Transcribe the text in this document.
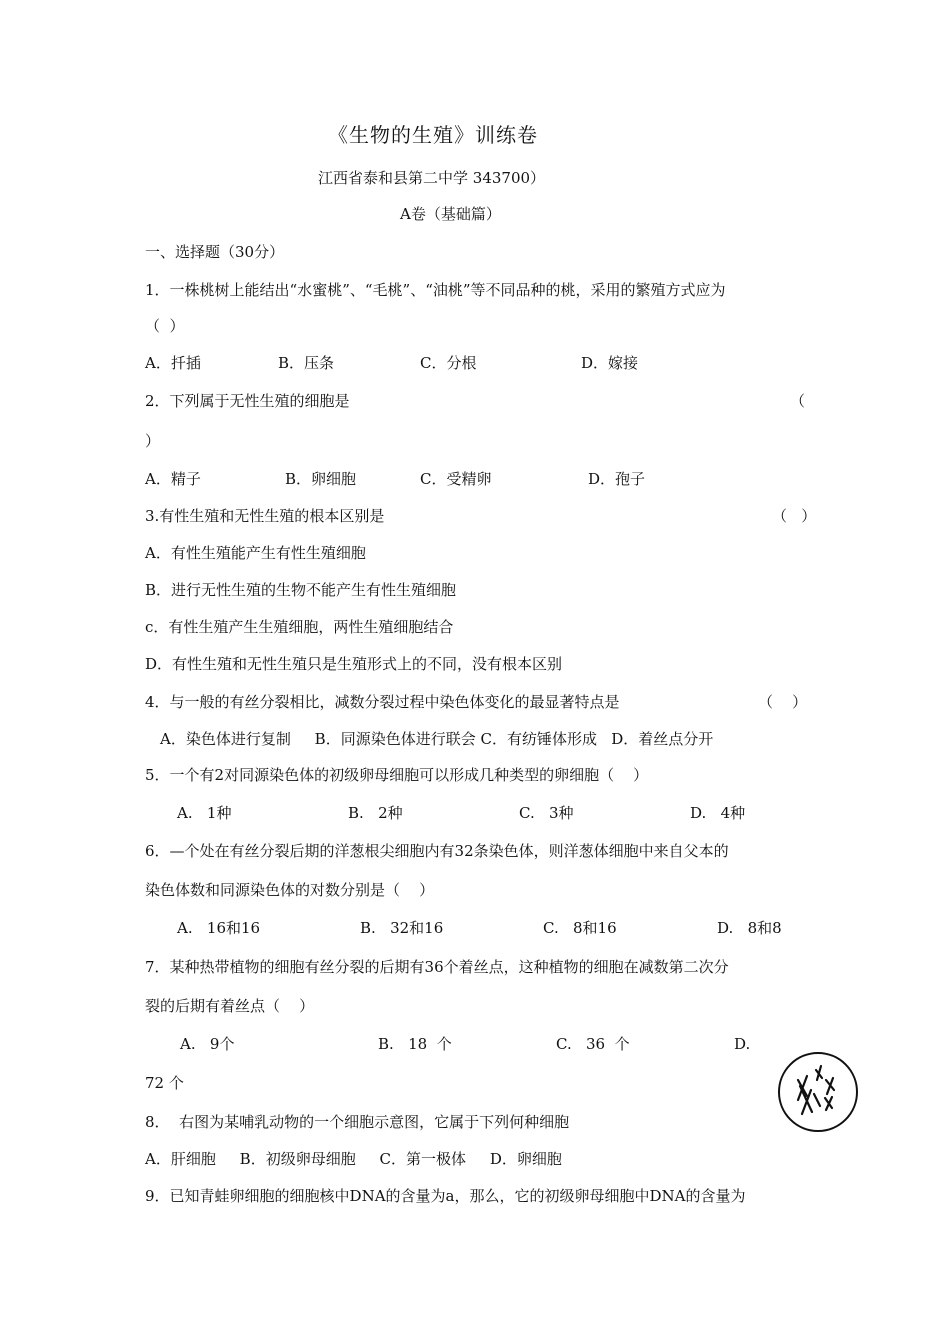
《生物的生殖》训练卷
江西省泰和县第二中学 343700）
A卷（基础篇）
一、选择题（30分）
1．一株桃树上能结出“水蜜桃”、“毛桃”、“油桃”等不同品种的桃，采用的繁殖方式应为
（  ）
A．扦插	B．压条	C．分根	D．嫁接
2．下列属于无性生殖的细胞是	（
）
A．精子	B．卵细胞	C．受精卵	D．孢子
3.有性生殖和无性生殖的根本区别是	（   ）
A．有性生殖能产生有性生殖细胞
B．进行无性生殖的生物不能产生有性生殖细胞
c．有性生殖产生生殖细胞，两性生殖细胞结合
D．有性生殖和无性生殖只是生殖形式上的不同，没有根本区别
4．与一般的有丝分裂相比，减数分裂过程中染色体变化的最显著特点是	（    ）
A．染色体进行复制     B．同源染色体进行联会 C．有纺锤体形成   D．着丝点分开
5．一个有2对同源染色体的初级卵母细胞可以形成几种类型的卵细胞（    ）
A.   1种	B.   2种	C.   3种	D.   4种
6．—个处在有丝分裂后期的洋葱根尖细胞内有32条染色体，则洋葱体细胞中来自父本的
染色体数和同源染色体的对数分别是（    ）
A.   16和16	B.   32和16	C.   8和16	D.   8和8
7．某种热带植物的细胞有丝分裂的后期有36个着丝点，这种植物的细胞在减数第二次分
裂的后期有着丝点（    ）
A.   9个	B.   18  个	C.   36  个	D.
72 个
8．  右图为某哺乳动物的一个细胞示意图，它属于下列何种细胞
A．肝细胞     B．初级卵母细胞     C．第一极体     D．卵细胞
9．已知青蛙卵细胞的细胞核中DNA的含量为a，那么，它的初级卵母细胞中DNA的含量为
